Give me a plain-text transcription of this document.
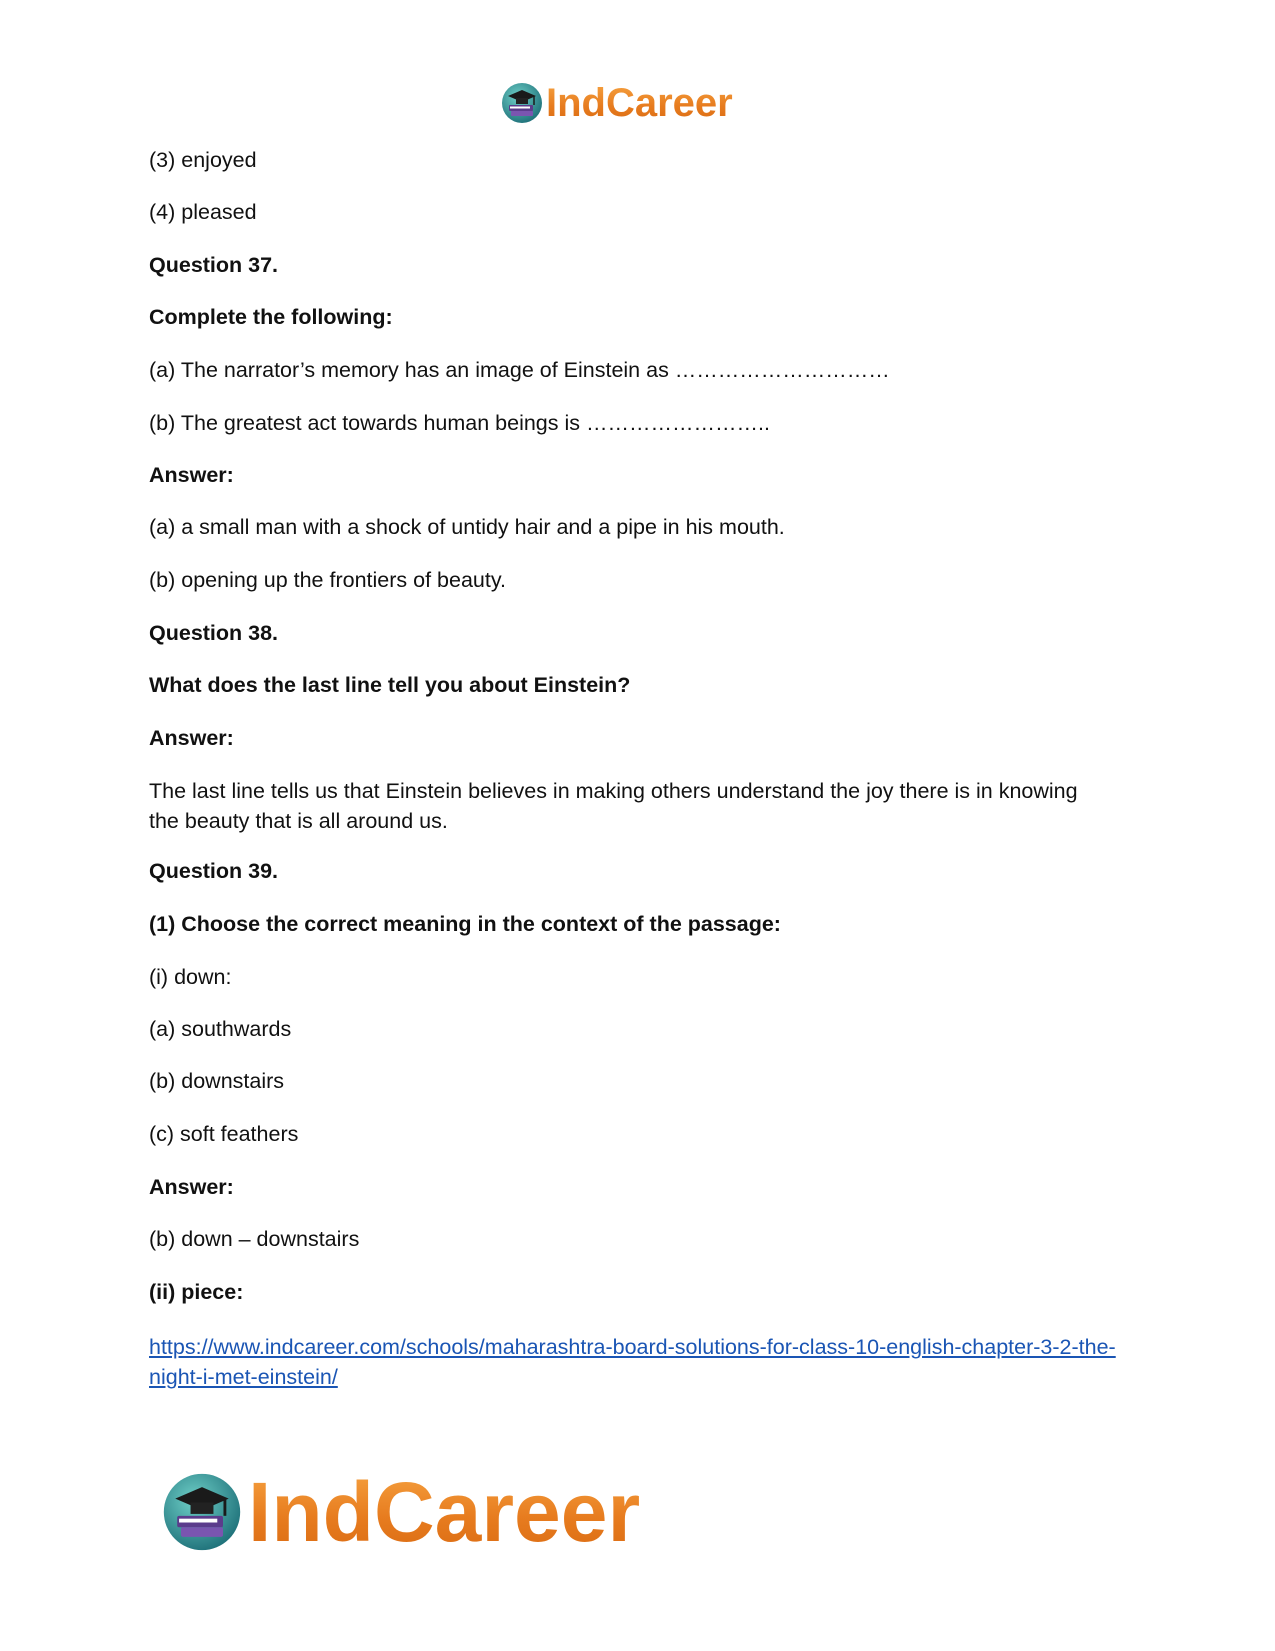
IndCareer
(3) enjoyed
(4) pleased
Question 37.
Complete the following:
(a) The narrator’s memory has an image of Einstein as …………………………
(b) The greatest act towards human beings is ……………………..
Answer:
(a) a small man with a shock of untidy hair and a pipe in his mouth.
(b) opening up the frontiers of beauty.
Question 38.
What does the last line tell you about Einstein?
Answer:
The last line tells us that Einstein believes in making others understand the joy there is in knowing the beauty that is all around us.
Question 39.
(1) Choose the correct meaning in the context of the passage:
(i) down:
(a) southwards
(b) downstairs
(c) soft feathers
Answer:
(b) down – downstairs
(ii) piece:
https://www.indcareer.com/schools/maharashtra-board-solutions-for-class-10-english-chapter-3-2-the-night-i-met-einstein/
IndCareer
